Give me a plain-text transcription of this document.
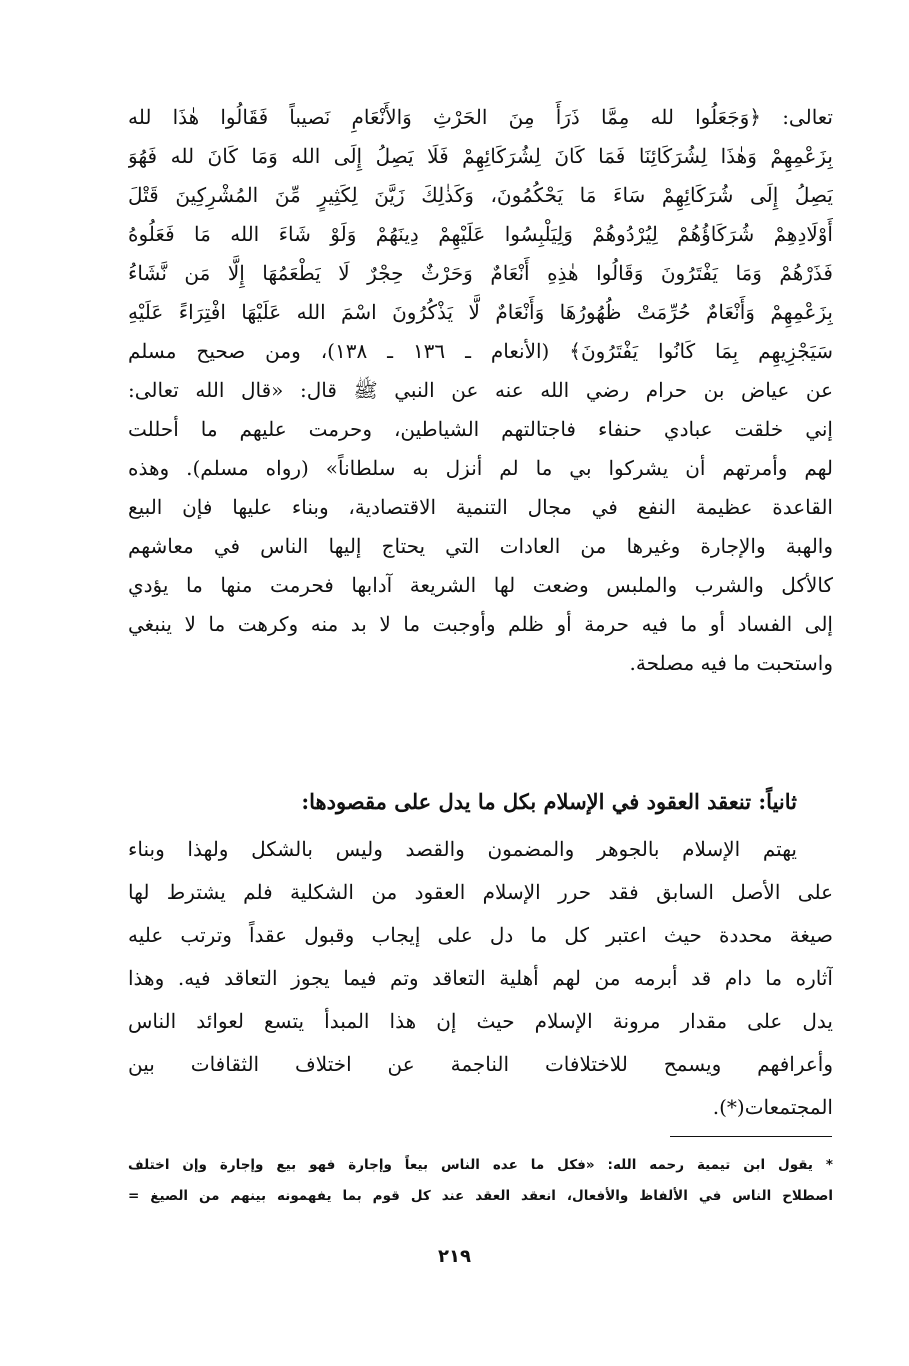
تعالى: ﴿وَجَعَلُوا لله مِمَّا ذَرَأَ مِنَ الحَرْثِ وَالأَنْعَامِ نَصيباً فَقَالُوا هٰذَا لله
بِزَعْمِهِمْ وَهٰذَا لِشُرَكَائِنَا فَمَا كَانَ لِشُرَكَائِهِمْ فَلَا يَصِلُ إِلَى الله وَمَا كَانَ لله فَهُوَ
يَصِلُ إِلَى شُرَكَائِهِمْ سَاءَ مَا يَحْكُمُونَ، وَكَذٰلِكَ زَيَّنَ لِكَثِيرٍ مِّنَ المُشْرِكِينَ قَتْلَ
أَوْلَادِهِمْ شُرَكَاؤُهُمْ لِيُرْدُوهُمْ وَلِيَلْبِسُوا عَلَيْهِمْ دِينَهُمْ وَلَوْ شَاءَ الله مَا فَعَلُوهُ
فَذَرْهُمْ وَمَا يَفْتَرُونَ وَقَالُوا هٰذِهِ أَنْعَامٌ وَحَرْثٌ حِجْرٌ لَا يَطْعَمُهَا إِلَّا مَن نَّشَاءُ
بِزَعْمِهِمْ وَأَنْعَامٌ حُرِّمَتْ ظُهُورُهَا وَأَنْعَامٌ لَّا يَذْكُرُونَ اسْمَ الله عَلَيْهَا افْتِرَاءً عَلَيْهِ
سَيَجْزِيهِم بِمَا كَانُوا يَفْتَرُونَ﴾ (الأنعام ـ ١٣٦ ـ ١٣٨)، ومن صحيح مسلم
عن عياض بن حرام رضي الله عنه عن النبي ﷺ قال: «قال الله تعالى:
إني خلقت عبادي حنفاء فاجتالتهم الشياطين، وحرمت عليهم ما أحللت
لهم وأمرتهم أن يشركوا بي ما لم أنزل به سلطاناً» (رواه مسلم). وهذه
القاعدة عظيمة النفع في مجال التنمية الاقتصادية، وبناء عليها فإن البيع
والهبة والإجارة وغيرها من العادات التي يحتاج إليها الناس في معاشهم
كالأكل والشرب والملبس وضعت لها الشريعة آدابها فحرمت منها ما يؤدي
إلى الفساد أو ما فيه حرمة أو ظلم وأوجبت ما لا بد منه وكرهت ما لا ينبغي
واستحبت ما فيه مصلحة.
ثانياً: تنعقد العقود في الإسلام بكل ما يدل على مقصودها:
يهتم الإسلام بالجوهر والمضمون والقصد وليس بالشكل ولهذا وبناء
على الأصل السابق فقد حرر الإسلام العقود من الشكلية فلم يشترط لها
صيغة محددة حيث اعتبر كل ما دل على إيجاب وقبول عقداً وترتب عليه
آثاره ما دام قد أبرمه من لهم أهلية التعاقد وتم فيما يجوز التعاقد فيه. وهذا
يدل على مقدار مرونة الإسلام حيث إن هذا المبدأ يتسع لعوائد الناس
وأعرافهم ويسمح للاختلافات الناجمة عن اختلاف الثقافات بين
المجتمعات(*).
* يقول ابن تيمية رحمه الله: «فكل ما عده الناس بيعاً وإجارة فهو بيع وإجارة وإن اختلف
اصطلاح الناس في الألفاظ والأفعال، انعقد العقد عند كل قوم بما يفهمونه بينهم من الصيغ =
٢١٩
